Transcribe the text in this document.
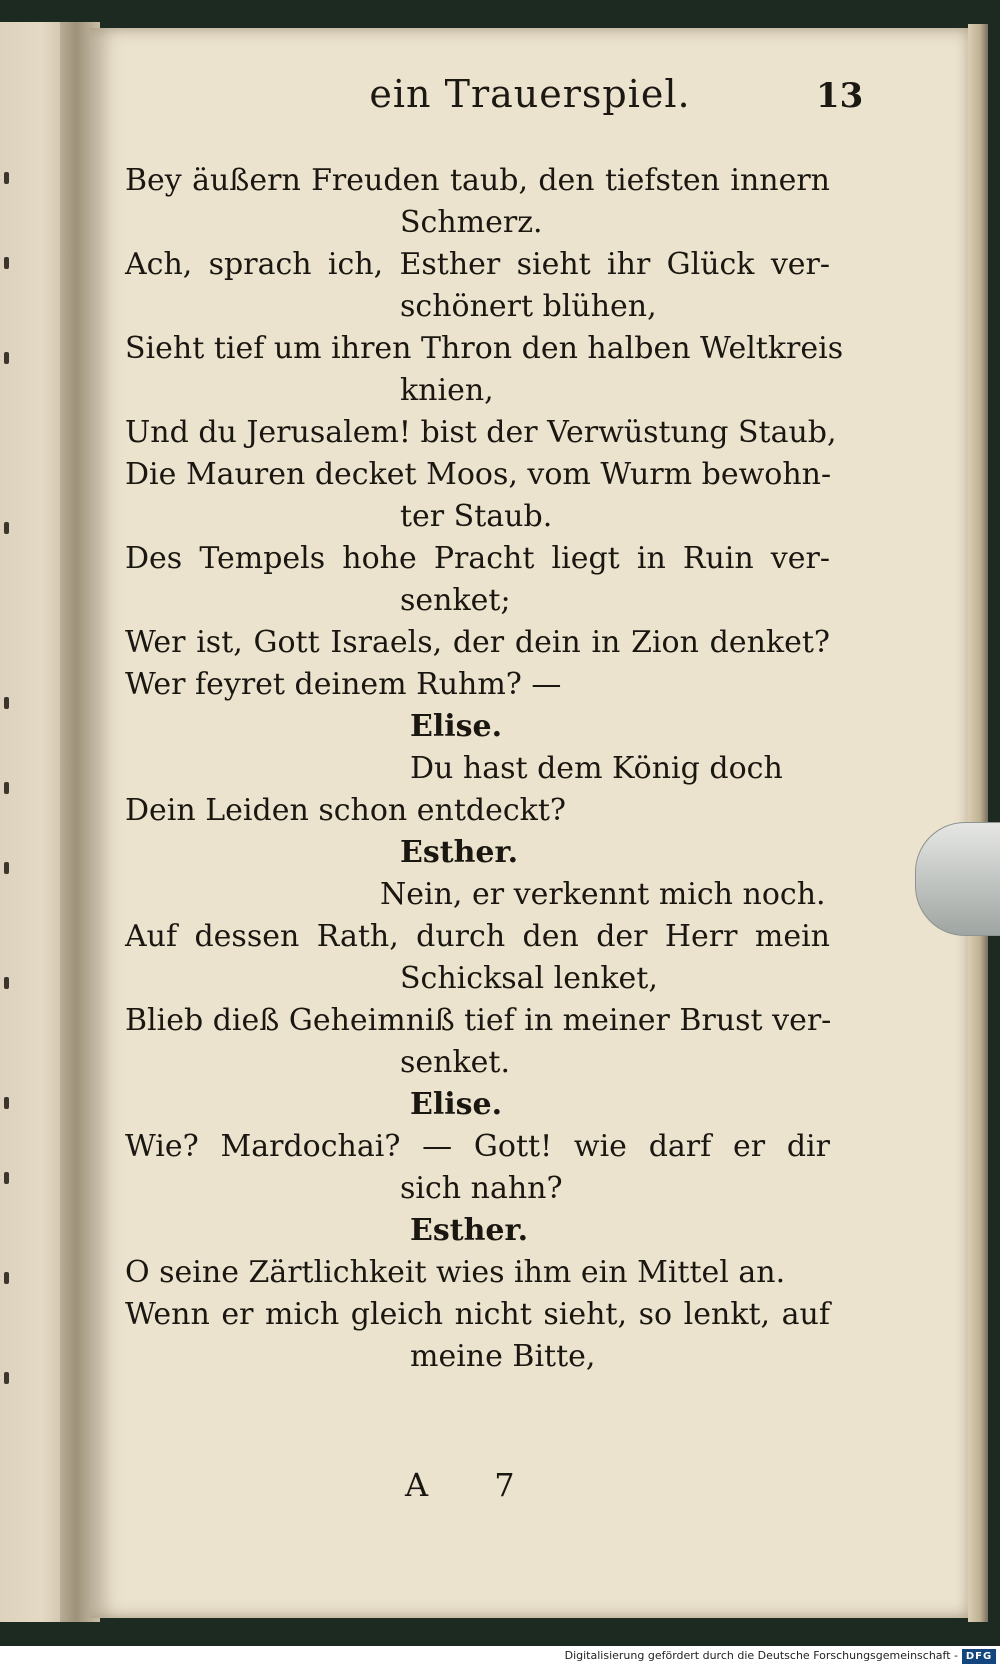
ein Trauerspiel.	13
Bey äußern Freuden taub, den tiefsten innern
Schmerz.
Ach, sprach ich, Esther sieht ihr Glück ver-
schönert blühen,
Sieht tief um ihren Thron den halben Weltkreis
knien,
Und du Jerusalem! bist der Verwüstung Staub,
Die Mauren decket Moos, vom Wurm bewohn-
ter Staub.
Des Tempels hohe Pracht liegt in Ruin ver-
senket;
Wer ist, Gott Israels, der dein in Zion denket?
Wer feyret deinem Ruhm? —
Elise.
Du hast dem König doch
Dein Leiden schon entdeckt?
Esther.
Nein, er verkennt mich noch.
Auf dessen Rath, durch den der Herr mein
Schicksal lenket,
Blieb dieß Geheimniß tief in meiner Brust ver-
senket.
Elise.
Wie? Mardochai? — Gott! wie darf er dir
sich nahn?
Esther.
O seine Zärtlichkeit wies ihm ein Mittel an.
Wenn er mich gleich nicht sieht, so lenkt, auf
meine Bitte,
A 7
Digitalisierung gefördert durch die Deutsche Forschungsgemeinschaft - DFG
